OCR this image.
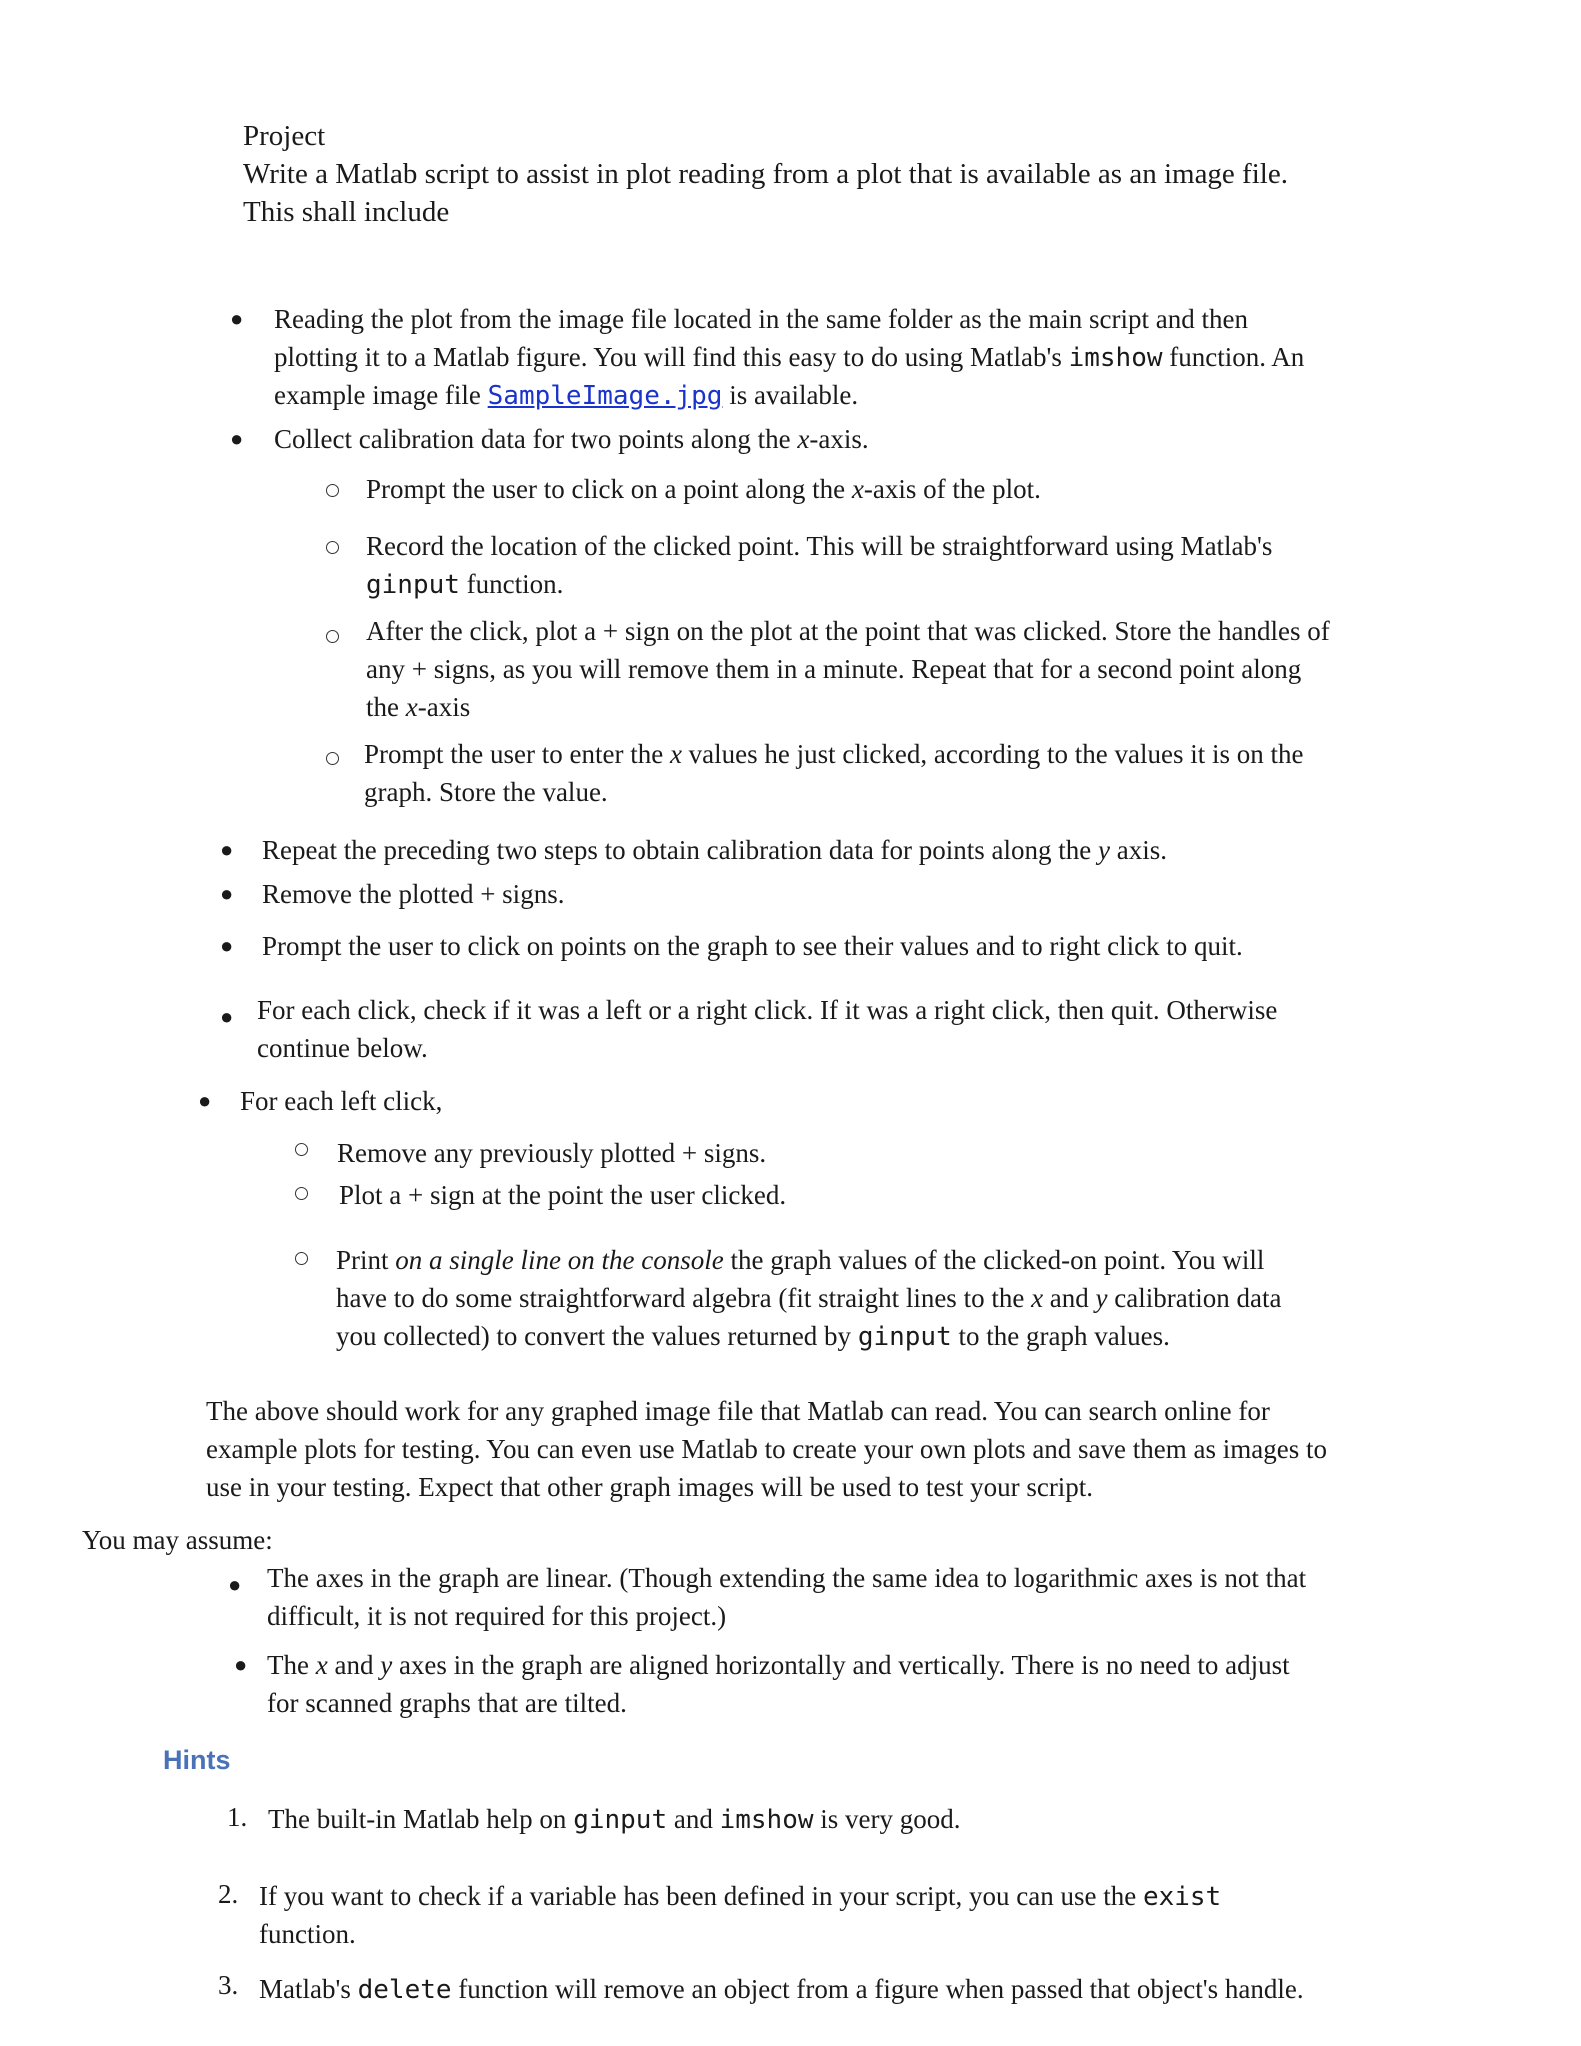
Project
Write a Matlab script to assist in plot reading from a plot that is available as an image file. This shall include
● Reading the plot from the image file located in the same folder as the main script and then
plotting it to a Matlab figure. You will find this easy to do using Matlab's imshow function. An
example image file SampleImage.jpg is available.
● Collect calibration data for two points along the x-axis.
Prompt the user to click on a point along the x-axis of the plot.
Record the location of the clicked point. This will be straightforward using Matlab's
ginput function.
After the click, plot a + sign on the plot at the point that was clicked. Store the handles of
any + signs, as you will remove them in a minute. Repeat that for a second point along
the x-axis
Prompt the user to enter the x values he just clicked, according to the values it is on the
graph. Store the value.
● Repeat the preceding two steps to obtain calibration data for points along the y axis.
● Remove the plotted + signs.
● Prompt the user to click on points on the graph to see their values and to right click to quit.
● For each click, check if it was a left or a right click. If it was a right click, then quit. Otherwise
continue below.
● For each left click,
Remove any previously plotted + signs.
Plot a + sign at the point the user clicked.
Print on a single line on the console the graph values of the clicked-on point. You will
have to do some straightforward algebra (fit straight lines to the x and y calibration data
you collected) to convert the values returned by ginput to the graph values.
The above should work for any graphed image file that Matlab can read. You can search online for
example plots for testing. You can even use Matlab to create your own plots and save them as images to
use in your testing. Expect that other graph images will be used to test your script.
You may assume:
● The axes in the graph are linear. (Though extending the same idea to logarithmic axes is not that
difficult, it is not required for this project.)
● The x and y axes in the graph are aligned horizontally and vertically. There is no need to adjust
for scanned graphs that are tilted.
Hints
1. The built-in Matlab help on ginput and imshow is very good.
2. If you want to check if a variable has been defined in your script, you can use the exist
function.
3. Matlab's delete function will remove an object from a figure when passed that object's handle.
